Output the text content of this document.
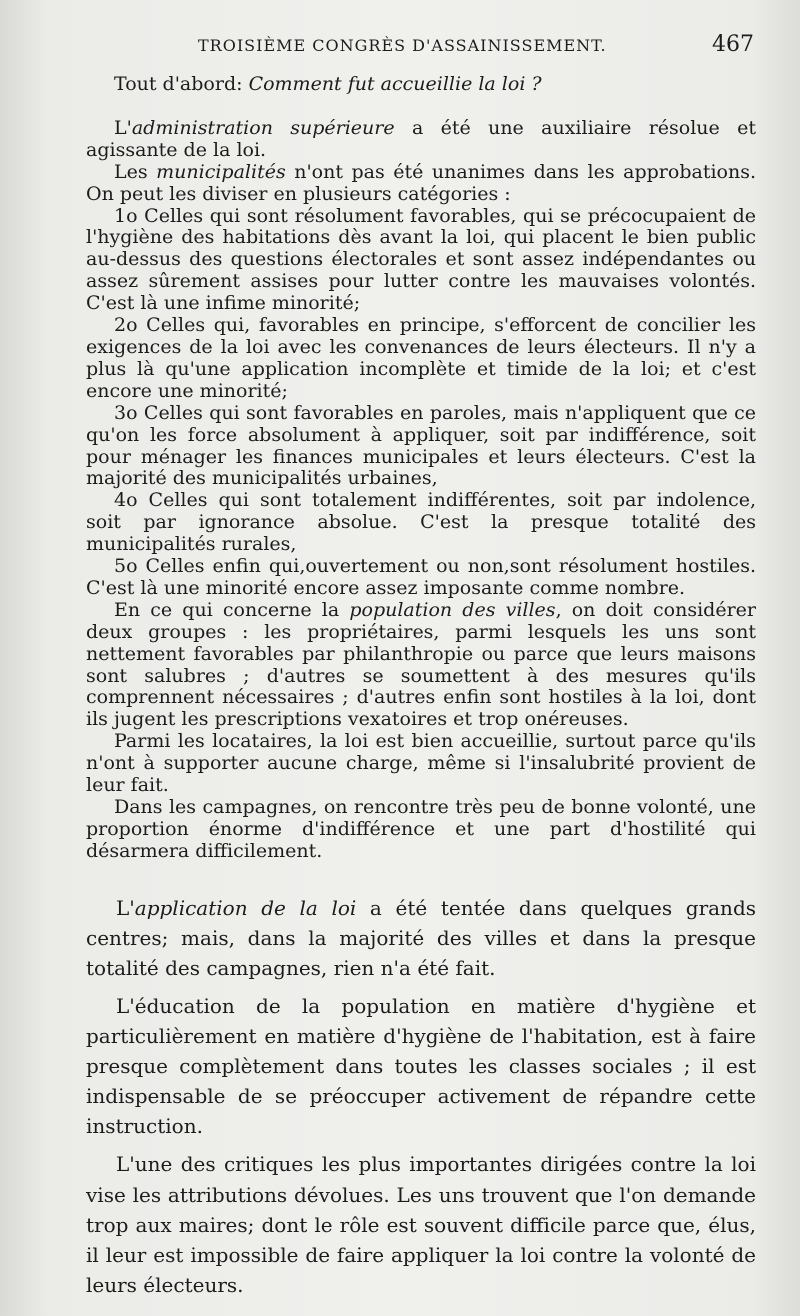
TROISIÈME CONGRÈS D'ASSAINISSEMENT.	467

Tout d'abord: Comment fut accueillie la loi ?

L'administration supérieure a été une auxiliaire résolue et agissante de la loi.

Les municipalités n'ont pas été unanimes dans les approbations. On peut les diviser en plusieurs catégories :

1o Celles qui sont résolument favorables, qui se précocupaient de l'hygiène des habitations dès avant la loi, qui placent le bien public au-dessus des questions électorales et sont assez indépendantes ou assez sûrement assises pour lutter contre les mauvaises volontés. C'est là une infime minorité;

2o Celles qui, favorables en principe, s'efforcent de concilier les exigences de la loi avec les convenances de leurs électeurs. Il n'y a plus là qu'une application incomplète et timide de la loi; et c'est encore une minorité;

3o Celles qui sont favorables en paroles, mais n'appliquent que ce qu'on les force absolument à appliquer, soit par indifférence, soit pour ménager les finances municipales et leurs électeurs. C'est la majorité des municipalités urbaines,

4o Celles qui sont totalement indifférentes, soit par indolence, soit par ignorance absolue. C'est la presque totalité des municipalités rurales,

5o Celles enfin qui,ouvertement ou non,sont résolument hostiles. C'est là une minorité encore assez imposante comme nombre.

En ce qui concerne la population des villes, on doit considérer deux groupes : les propriétaires, parmi lesquels les uns sont nettement favorables par philanthropie ou parce que leurs maisons sont salubres ; d'autres se soumettent à des mesures qu'ils comprennent nécessaires ; d'autres enfin sont hostiles à la loi, dont ils jugent les prescriptions vexatoires et trop onéreuses.

Parmi les locataires, la loi est bien accueillie, surtout parce qu'ils n'ont à supporter aucune charge, même si l'insalubrité provient de leur fait.

Dans les campagnes, on rencontre très peu de bonne volonté, une proportion énorme d'indifférence et une part d'hostilité qui désarmera difficilement.

L'application de la loi a été tentée dans quelques grands centres; mais, dans la majorité des villes et dans la presque totalité des campagnes, rien n'a été fait.

L'éducation de la population en matière d'hygiène et particulièrement en matière d'hygiène de l'habitation, est à faire presque complètement dans toutes les classes sociales ; il est indispensable de se préoccuper activement de répandre cette instruction.

L'une des critiques les plus importantes dirigées contre la loi vise les attributions dévolues. Les uns trouvent que l'on demande trop aux maires; dont le rôle est souvent difficile parce que, élus, il leur est impossible de faire appliquer la loi contre la volonté de leurs électeurs.
